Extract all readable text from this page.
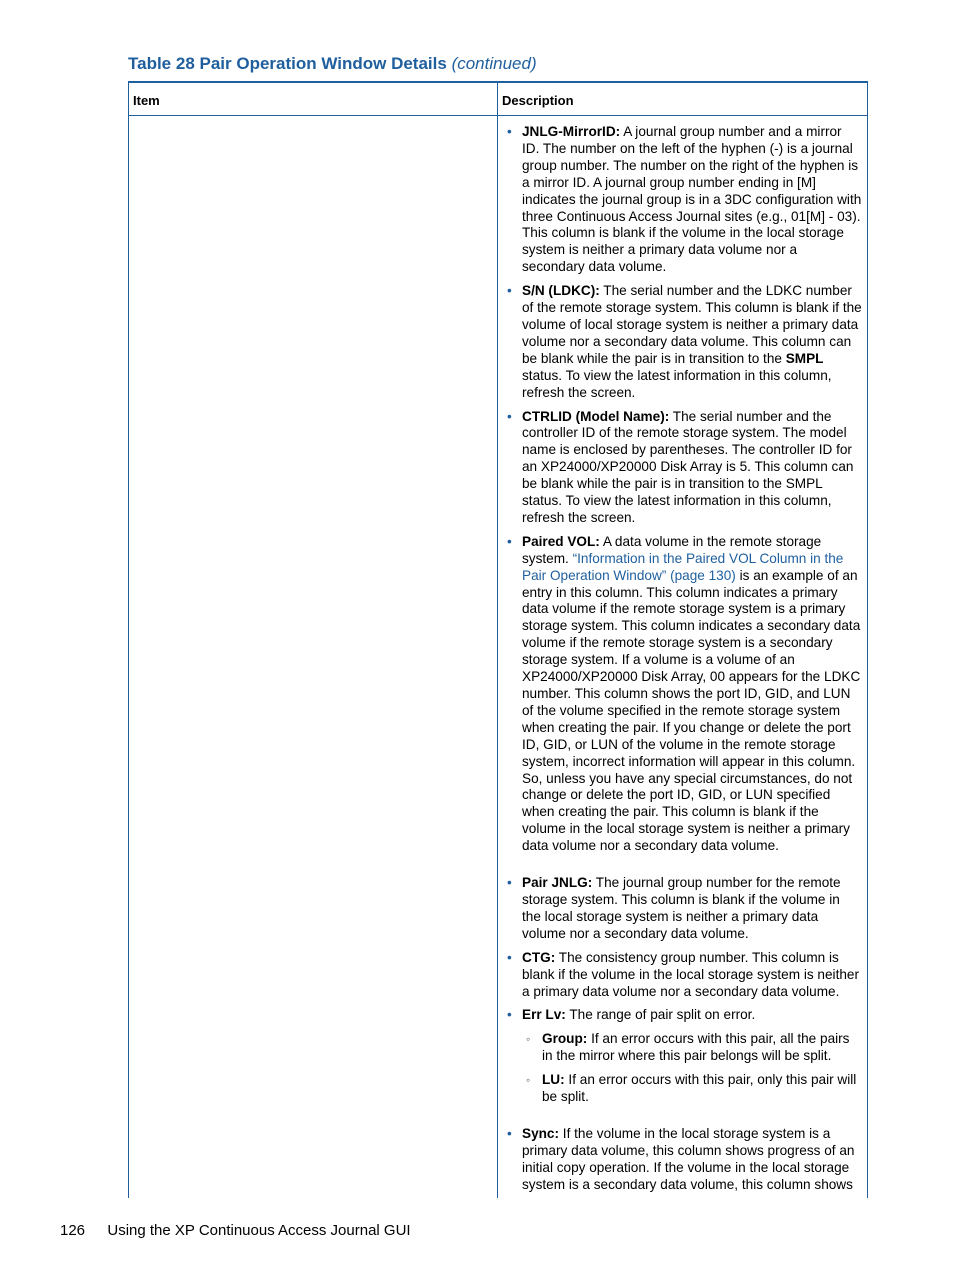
Table 28 Pair Operation Window Details (continued)
Item	Description
• JNLG-MirrorID: A journal group number and a mirror ID. The number on the left of the hyphen (-) is a journal group number. The number on the right of the hyphen is a mirror ID. A journal group number ending in [M] indicates the journal group is in a 3DC configuration with three Continuous Access Journal sites (e.g., 01[M] - 03). This column is blank if the volume in the local storage system is neither a primary data volume nor a secondary data volume.
• S/N (LDKC): The serial number and the LDKC number of the remote storage system. This column is blank if the volume of local storage system is neither a primary data volume nor a secondary data volume. This column can be blank while the pair is in transition to the SMPL status. To view the latest information in this column, refresh the screen.
• CTRLID (Model Name): The serial number and the controller ID of the remote storage system. The model name is enclosed by parentheses. The controller ID for an XP24000/XP20000 Disk Array is 5. This column can be blank while the pair is in transition to the SMPL status. To view the latest information in this column, refresh the screen.
• Paired VOL: A data volume in the remote storage system. “Information in the Paired VOL Column in the Pair Operation Window” (page 130) is an example of an entry in this column. This column indicates a primary data volume if the remote storage system is a primary storage system. This column indicates a secondary data volume if the remote storage system is a secondary storage system. If a volume is a volume of an XP24000/XP20000 Disk Array, 00 appears for the LDKC number. This column shows the port ID, GID, and LUN of the volume specified in the remote storage system when creating the pair. If you change or delete the port ID, GID, or LUN of the volume in the remote storage system, incorrect information will appear in this column. So, unless you have any special circumstances, do not change or delete the port ID, GID, or LUN specified when creating the pair. This column is blank if the volume in the local storage system is neither a primary data volume nor a secondary data volume.
• Pair JNLG: The journal group number for the remote storage system. This column is blank if the volume in the local storage system is neither a primary data volume nor a secondary data volume.
• CTG: The consistency group number. This column is blank if the volume in the local storage system is neither a primary data volume nor a secondary data volume.
• Err Lv: The range of pair split on error.
◦ Group: If an error occurs with this pair, all the pairs in the mirror where this pair belongs will be split.
◦ LU: If an error occurs with this pair, only this pair will be split.
• Sync: If the volume in the local storage system is a primary data volume, this column shows progress of an initial copy operation. If the volume in the local storage system is a secondary data volume, this column shows
126 Using the XP Continuous Access Journal GUI
